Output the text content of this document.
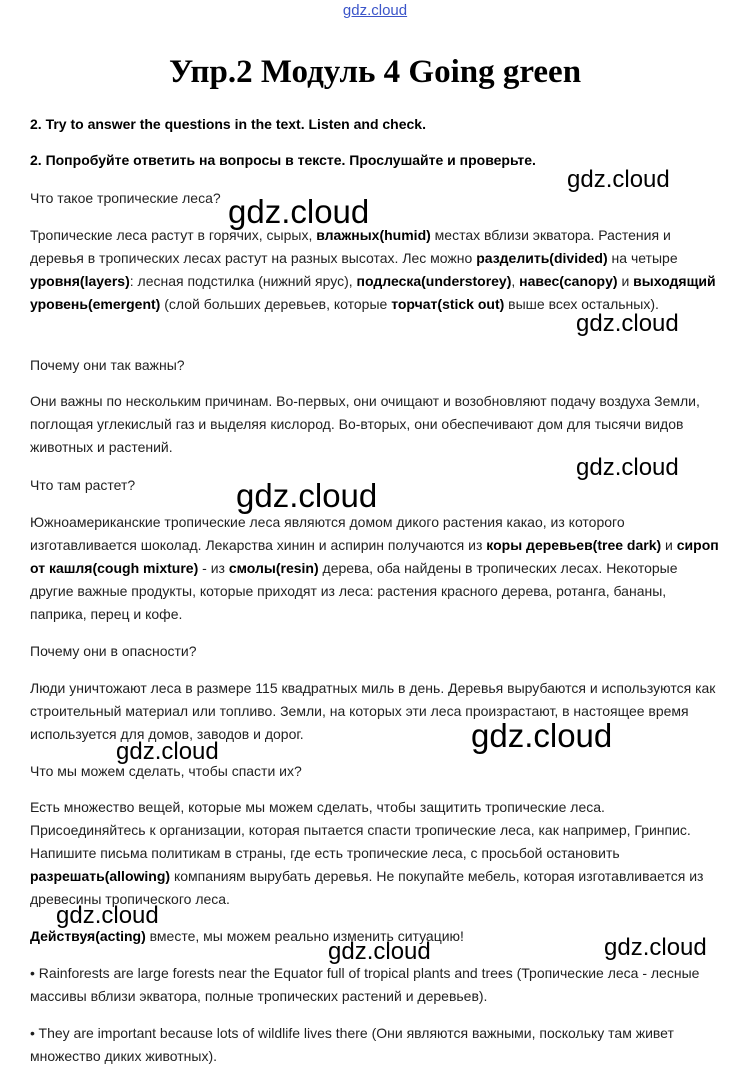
gdz.cloud
Упр.2 Модуль 4 Going green
2. Try to answer the questions in the text. Listen and check.
2. Попробуйте ответить на вопросы в тексте. Прослушайте и проверьте.
Что такое тропические леса?
Тропические леса растут в горячих, сырых, влажных(humid) местах вблизи экватора. Растения и деревья в тропических лесах растут на разных высотах. Лес можно разделить(divided) на четыре уровня(layers): лесная подстилка (нижний ярус), подлеска(understorey), навес(canopy) и выходящий уровень(emergent) (слой больших деревьев, которые торчат(stick out) выше всех остальных).
Почему они так важны?
Они важны по нескольким причинам. Во-первых, они очищают и возобновляют подачу воздуха Земли, поглощая углекислый газ и выделяя кислород. Во-вторых, они обеспечивают дом для тысячи видов животных и растений.
Что там растет?
Южноамериканские тропические леса являются домом дикого растения какао, из которого изготавливается шоколад. Лекарства хинин и аспирин получаются из коры деревьев(tree dark) и сироп от кашля(cough mixture) - из смолы(resin) дерева, оба найдены в тропических лесах. Некоторые другие важные продукты, которые приходят из леса: растения красного дерева, ротанга, бананы, паприка, перец и кофе.
Почему они в опасности?
Люди уничтожают леса в размере 115 квадратных миль в день. Деревья вырубаются и используются как строительный материал или топливо. Земли, на которых эти леса произрастают, в настоящее время используется для домов, заводов и дорог.
Что мы можем сделать, чтобы спасти их?
Есть множество вещей, которые мы можем сделать, чтобы защитить тропические леса. Присоединяйтесь к организации, которая пытается спасти тропические леса, как например, Гринпис. Напишите письма политикам в страны, где есть тропические леса, с просьбой остановить разрешать(allowing) компаниям вырубать деревья. Не покупайте мебель, которая изготавливается из древесины тропического леса.
Действуя(acting) вместе, мы можем реально изменить ситуацию!
• Rainforests are large forests near the Equator full of tropical plants and trees (Тропические леса - лесные массивы вблизи экватора, полные тропических растений и деревьев).
• They are important because lots of wildlife lives there (Они являются важными, поскольку там живет множество диких животных).
gdz.cloud
gdz.cloud
gdz.cloud
gdz.cloud
gdz.cloud
gdz.cloud
gdz.cloud
gdz.cloud
gdz.cloud	gdz.cloud
